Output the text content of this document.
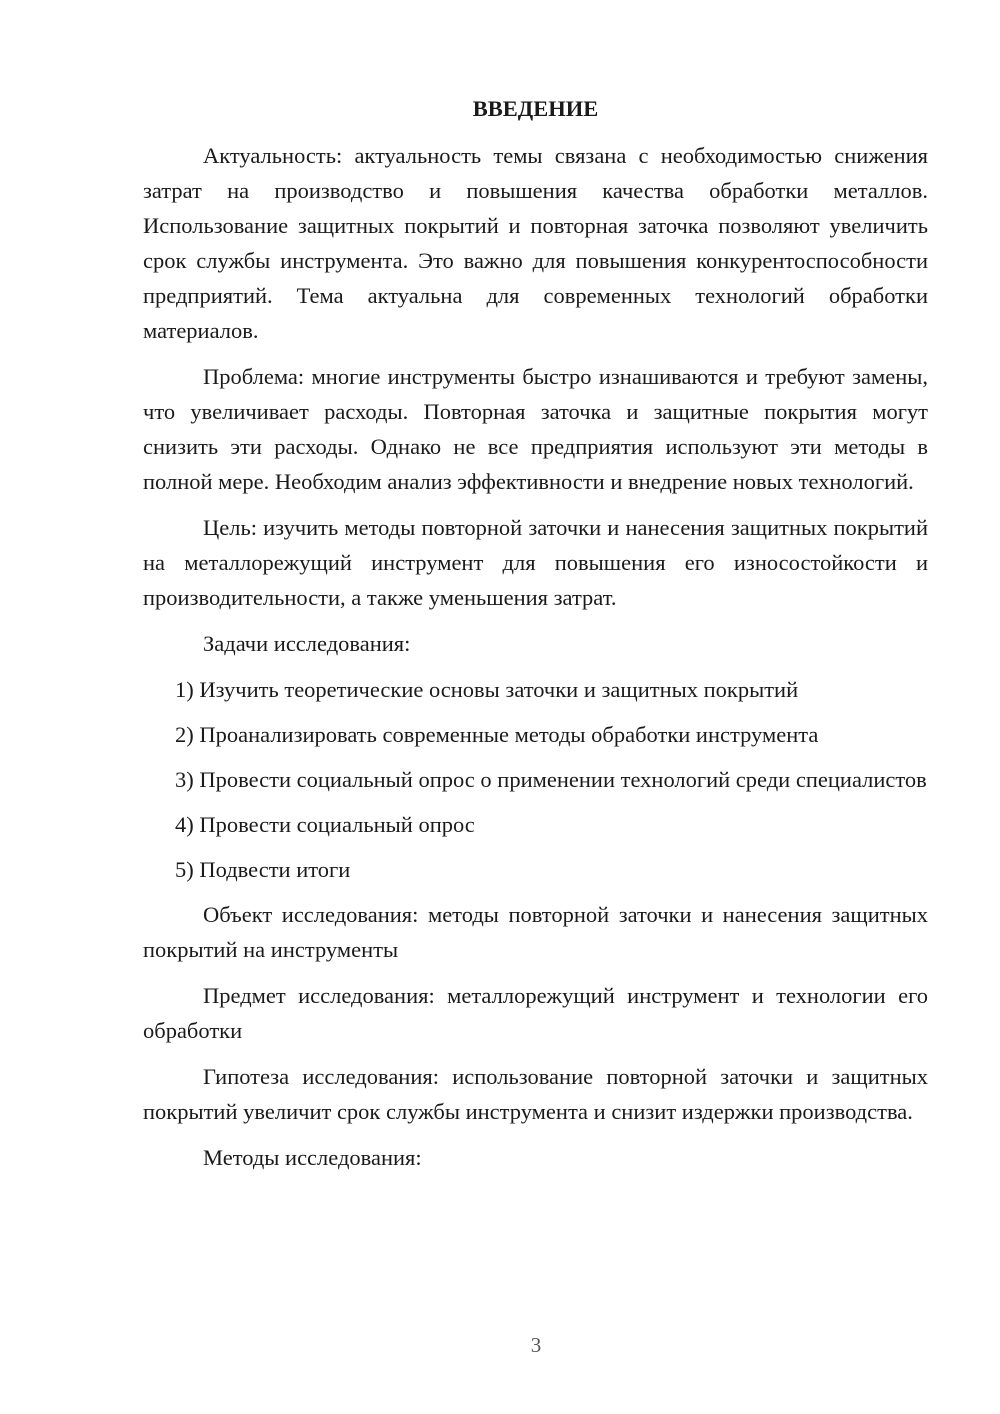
ВВЕДЕНИЕ

Актуальность: актуальность темы связана с необходимостью снижения затрат на производство и повышения качества обработки металлов. Использование защитных покрытий и повторная заточка позволяют увеличить срок службы инструмента. Это важно для повышения конкурентоспособности предприятий. Тема актуальна для современных технологий обработки материалов.

Проблема: многие инструменты быстро изнашиваются и требуют замены, что увеличивает расходы. Повторная заточка и защитные покрытия могут снизить эти расходы. Однако не все предприятия используют эти методы в полной мере. Необходим анализ эффективности и внедрение новых технологий.

Цель: изучить методы повторной заточки и нанесения защитных покрытий на металлорежущий инструмент для повышения его износостойкости и производительности, а также уменьшения затрат.

Задачи исследования:

1) Изучить теоретические основы заточки и защитных покрытий

2) Проанализировать современные методы обработки инструмента

3) Провести социальный опрос о применении технологий среди специалистов

4) Провести социальный опрос

5) Подвести итоги

Объект исследования: методы повторной заточки и нанесения защитных покрытий на инструменты

Предмет исследования: металлорежущий инструмент и технологии его обработки

Гипотеза исследования: использование повторной заточки и защитных покрытий увеличит срок службы инструмента и снизит издержки производства.

Методы исследования:

3
